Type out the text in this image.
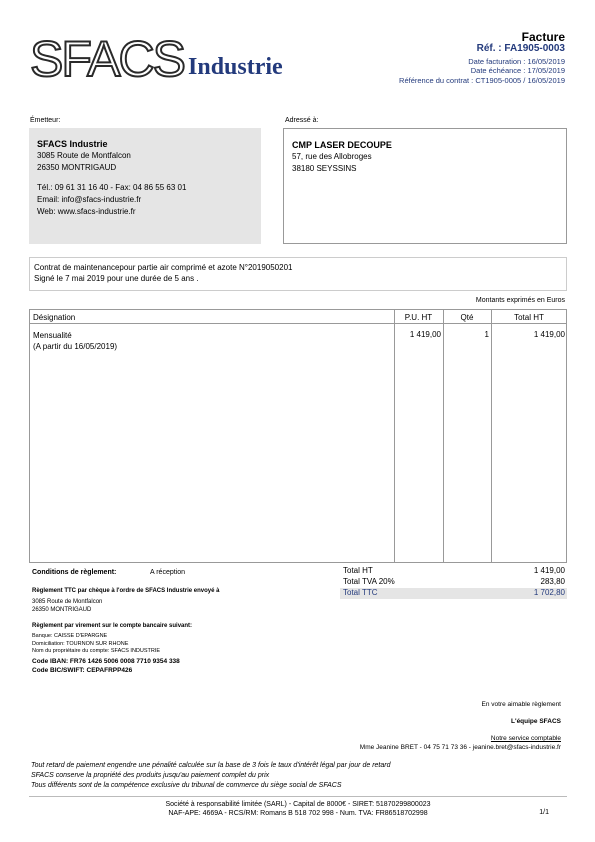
SFACS Industrie
Facture
Réf. : FA1905-0003
Date facturation : 16/05/2019
Date échéance : 17/05/2019
Référence du contrat : CT1905-0005 / 16/05/2019
Émetteur:
SFACS Industrie
3085 Route de Montfalcon
26350 MONTRIGAUD
Tél.: 09 61 31 16 40 - Fax: 04 86 55 63 01
Email: info@sfacs-industrie.fr
Web: www.sfacs-industrie.fr
Adressé à:
CMP LASER DECOUPE
57, rue des Allobroges
38180 SEYSSINS
Contrat de maintenancepour partie air comprimé et azote N°2019050201
Signé le 7 mai 2019 pour une durée de 5 ans .
Montants exprimés en Euros
Désignation	P.U. HT	Qté	Total HT
Mensualité
(A partir du 16/05/2019)
1 419,00	1	1 419,00
Conditions de règlement:	A réception
Règlement TTC par chèque à l'ordre de SFACS Industrie envoyé à
3085 Route de Montfalcon
26350 MONTRIGAUD
Règlement par virement sur le compte bancaire suivant:
Banque: CAISSE D'EPARGNE
Domiciliation: TOURNON SUR RHONE
Nom du propriétaire du compte: SFACS INDUSTRIE
Code IBAN: FR76 1426 5006 0008 7710 9354 338
Code BIC/SWIFT: CEPAFRPP426
Total HT	1 419,00
Total TVA 20%	283,80
Total TTC	1 702,80
En votre aimable règlement
L'équipe SFACS
Notre service comptable
Mme Jeanine BRET - 04 75 71 73 36 - jeanine.bret@sfacs-industrie.fr
Tout retard de paiement engendre une pénalité calculée sur la base de 3 fois le taux d'intérêt légal par jour de retard
SFACS conserve la propriété des produits jusqu'au paiement complet du prix
Tous différents sont de la compétence exclusive du tribunal de commerce du siège social de SFACS
Société à responsabilité limitée (SARL) - Capital de 8000€ - SIRET: 51870299800023
NAF-APE: 4669A - RCS/RM: Romans B 518 702 998 - Num. TVA: FR86518702998	1/1
